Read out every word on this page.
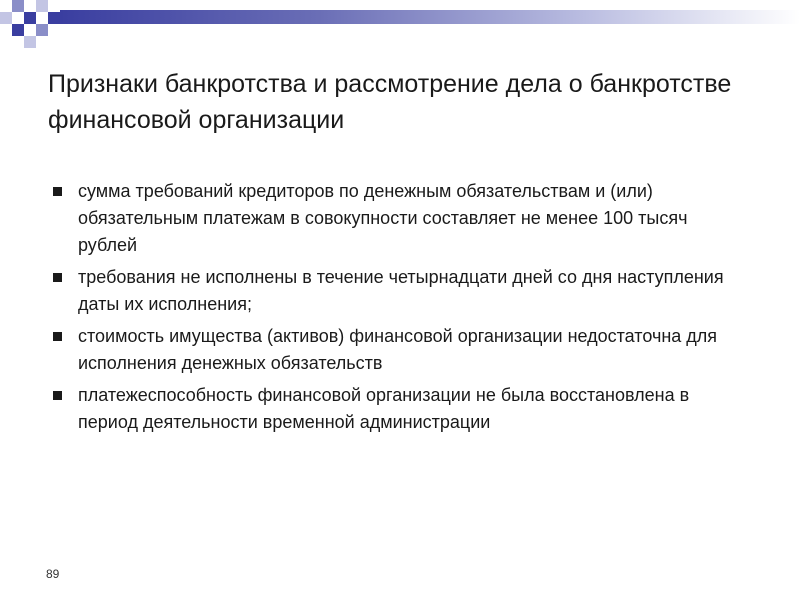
Признаки банкротства и рассмотрение дела о банкротстве финансовой организации
сумма требований кредиторов по денежным обязательствам и (или) обязательным платежам в совокупности составляет не менее 100 тысяч рублей
требования не исполнены в течение четырнадцати дней со дня наступления даты их исполнения;
стоимость имущества (активов) финансовой организации недостаточна для исполнения денежных обязательств
платежеспособность финансовой организации не была восстановлена в период деятельности временной администрации
89
